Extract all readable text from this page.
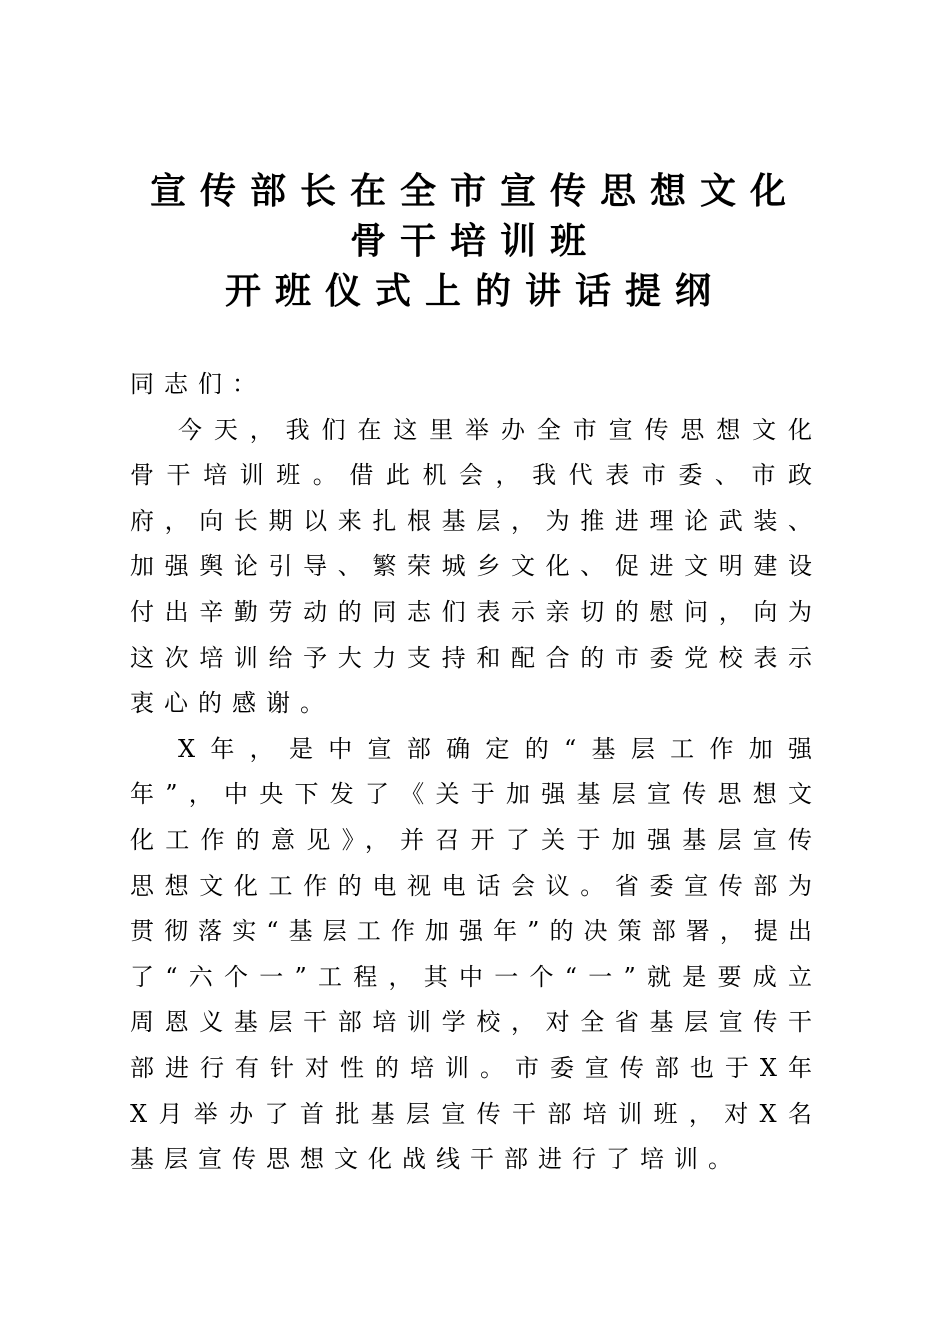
宣传部长在全市宣传思想文化
骨干培训班
开班仪式上的讲话提纲

同志们：

今天，我们在这里举办全市宣传思想文化骨干培训班。借此机会，我代表市委、市政府，向长期以来扎根基层，为推进理论武装、加强舆论引导、繁荣城乡文化、促进文明建设付出辛勤劳动的同志们表示亲切的慰问，向为这次培训给予大力支持和配合的市委党校表示衷心的感谢。

X年，是中宣部确定的“基层工作加强年”，中央下发了《关于加强基层宣传思想文化工作的意见》，并召开了关于加强基层宣传思想文化工作的电视电话会议。省委宣传部为贯彻落实“基层工作加强年”的决策部署，提出了“六个一”工程，其中一个“一”就是要成立周恩义基层干部培训学校，对全省基层宣传干部进行有针对性的培训。市委宣传部也于X年X月举办了首批基层宣传干部培训班，对X名基层宣传思想文化战线干部进行了培训。
